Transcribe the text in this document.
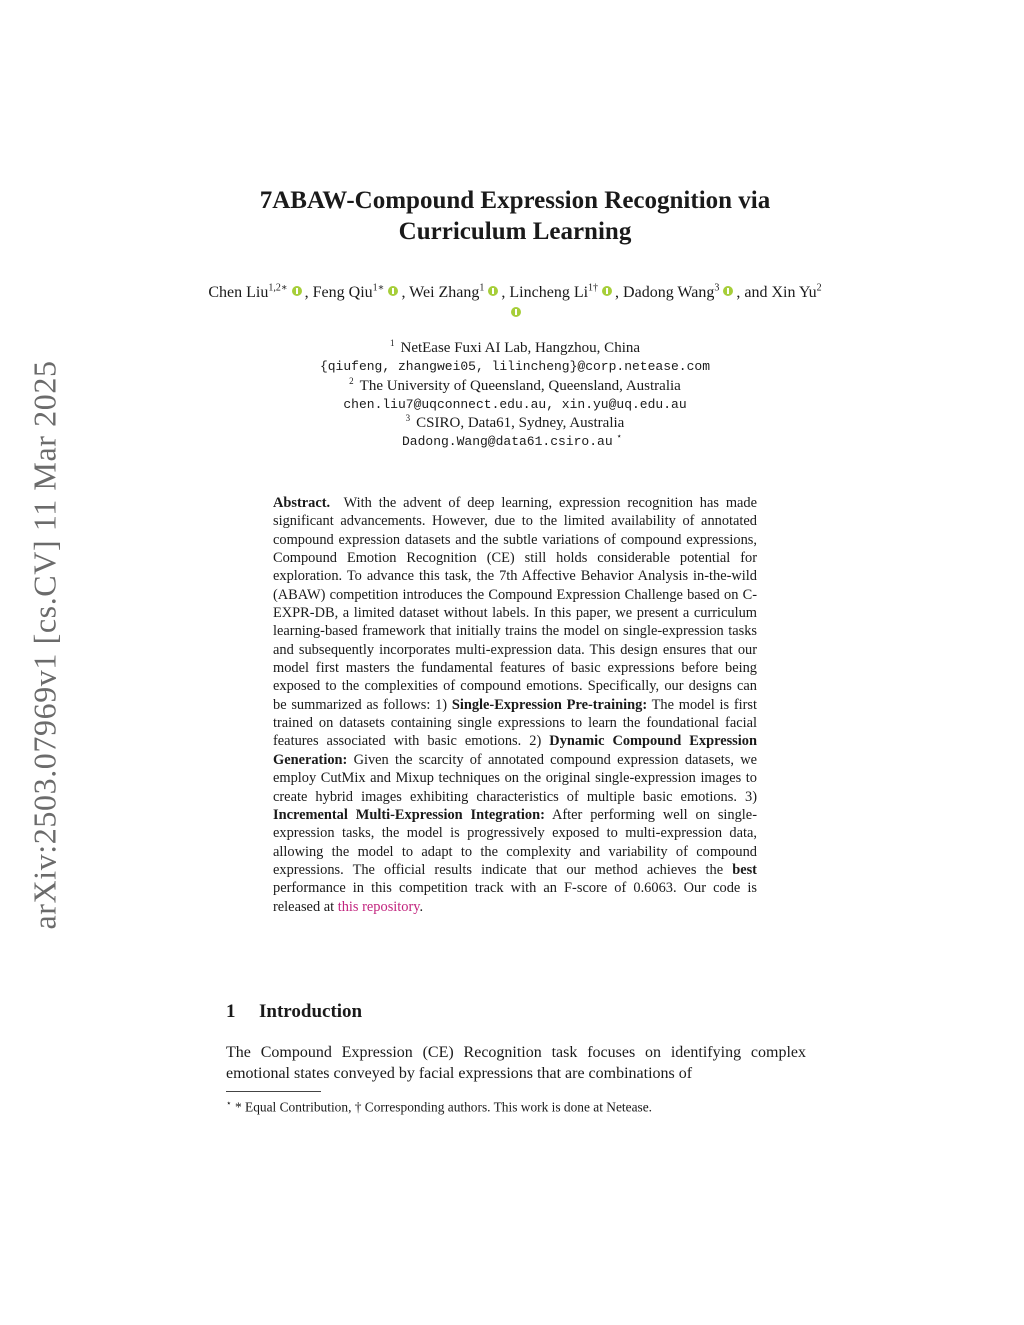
arXiv:2503.07969v1 [cs.CV] 11 Mar 2025
7ABAW-Compound Expression Recognition via
Curriculum Learning
Chen Liu$^{1,2∗}$ , Feng Qiu$^{1∗}$ , Wei Zhang$^1$ , Lincheng $Li^{1\dagger}$ , Dadong Wang$^3$ , and Xin Yu$^2$
$^1$ NetEase Fuxi AI Lab, Hangzhou, China
{qiufeng, zhangwei05, lilincheng}@corp.netease.com
$^2$ The University of Queensland, Queensland, Australia
chen.liu7@uqconnect.edu.au, xin.yu@uq.edu.au
$^3$ CSIRO, Data61, Sydney, Australia
Dadong.Wang@data61.csiro.au ⋆
Abstract. With the advent of deep learning, expression recognition has made significant advancements. However, due to the limited availability of annotated compound expression datasets and the subtle variations of compound expressions, Compound Emotion Recognition (CE) still holds considerable potential for exploration. To advance this task, the 7th Affective Behavior Analysis in-the-wild (ABAW) competition introduces the Compound Expression Challenge based on C-EXPR-DB, a limited dataset without labels. In this paper, we present a curriculum learning-based framework that initially trains the model on single-expression tasks and subsequently incorporates multi-expression data. This design ensures that our model first masters the fundamental features of basic expressions before being exposed to the complexities of compound emotions. Specifically, our designs can be summarized as follows: 1) Single-Expression Pre-training: The model is first trained on datasets containing single expressions to learn the foundational facial features associated with basic emotions. 2) Dynamic Compound Expression Generation: Given the scarcity of annotated compound expression datasets, we employ CutMix and Mixup techniques on the original single-expression images to create hybrid images exhibiting characteristics of multiple basic emotions. 3) Incremental Multi-Expression Integration: After performing well on single-expression tasks, the model is progressively exposed to multi-expression data, allowing the model to adapt to the complexity and variability of compound expressions. The official results indicate that our method achieves the best performance in this competition track with an F-score of 0.6063. Our code is released at this repository.
1 Introduction
The Compound Expression (CE) Recognition task focuses on identifying complex emotional states conveyed by facial expressions that are combinations of
⋆ * Equal Contribution, † Corresponding authors. This work is done at Netease.
